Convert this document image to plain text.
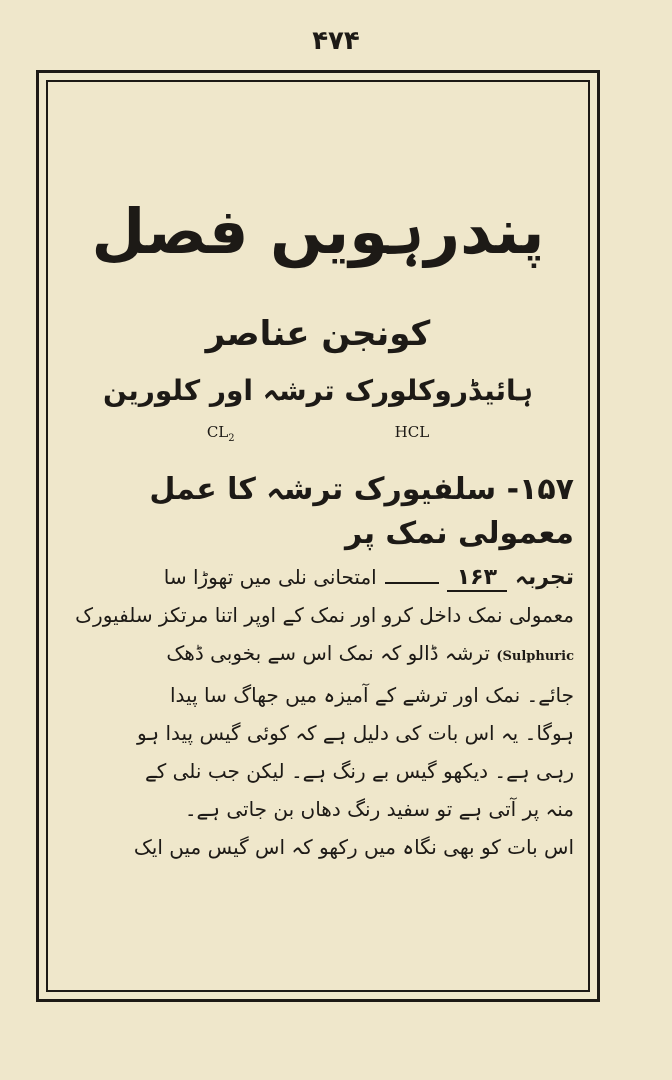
۴۷۴
پندرہویں فصل
کونجن عناصر
ہائیڈروکلورک ترشہ اور کلورین
$CL_2$	HCL
۱۵۷- سلفیورک ترشہ کا عمل معمولی نمک پر
تجربہ
۱۶۳
امتحانی نلی میں تھوڑا سا
معمولی نمک داخل کرو اور نمک کے اوپر اتنا مرتکز سلفیورک
(Sulphuric ترشہ ڈالو کہ نمک اس سے بخوبی ڈھک
جائے۔ نمک اور ترشے کے آمیزہ میں جھاگ سا پیدا
ہوگا۔ یہ اس بات کی دلیل ہے کہ کوئی گیس پیدا ہو
رہی ہے۔ دیکھو گیس بے رنگ ہے۔ لیکن جب نلی کے
منہ پر آتی ہے تو سفید رنگ دھاں بن جاتی ہے۔
اس بات کو بھی نگاہ میں رکھو کہ اس گیس میں ایک
